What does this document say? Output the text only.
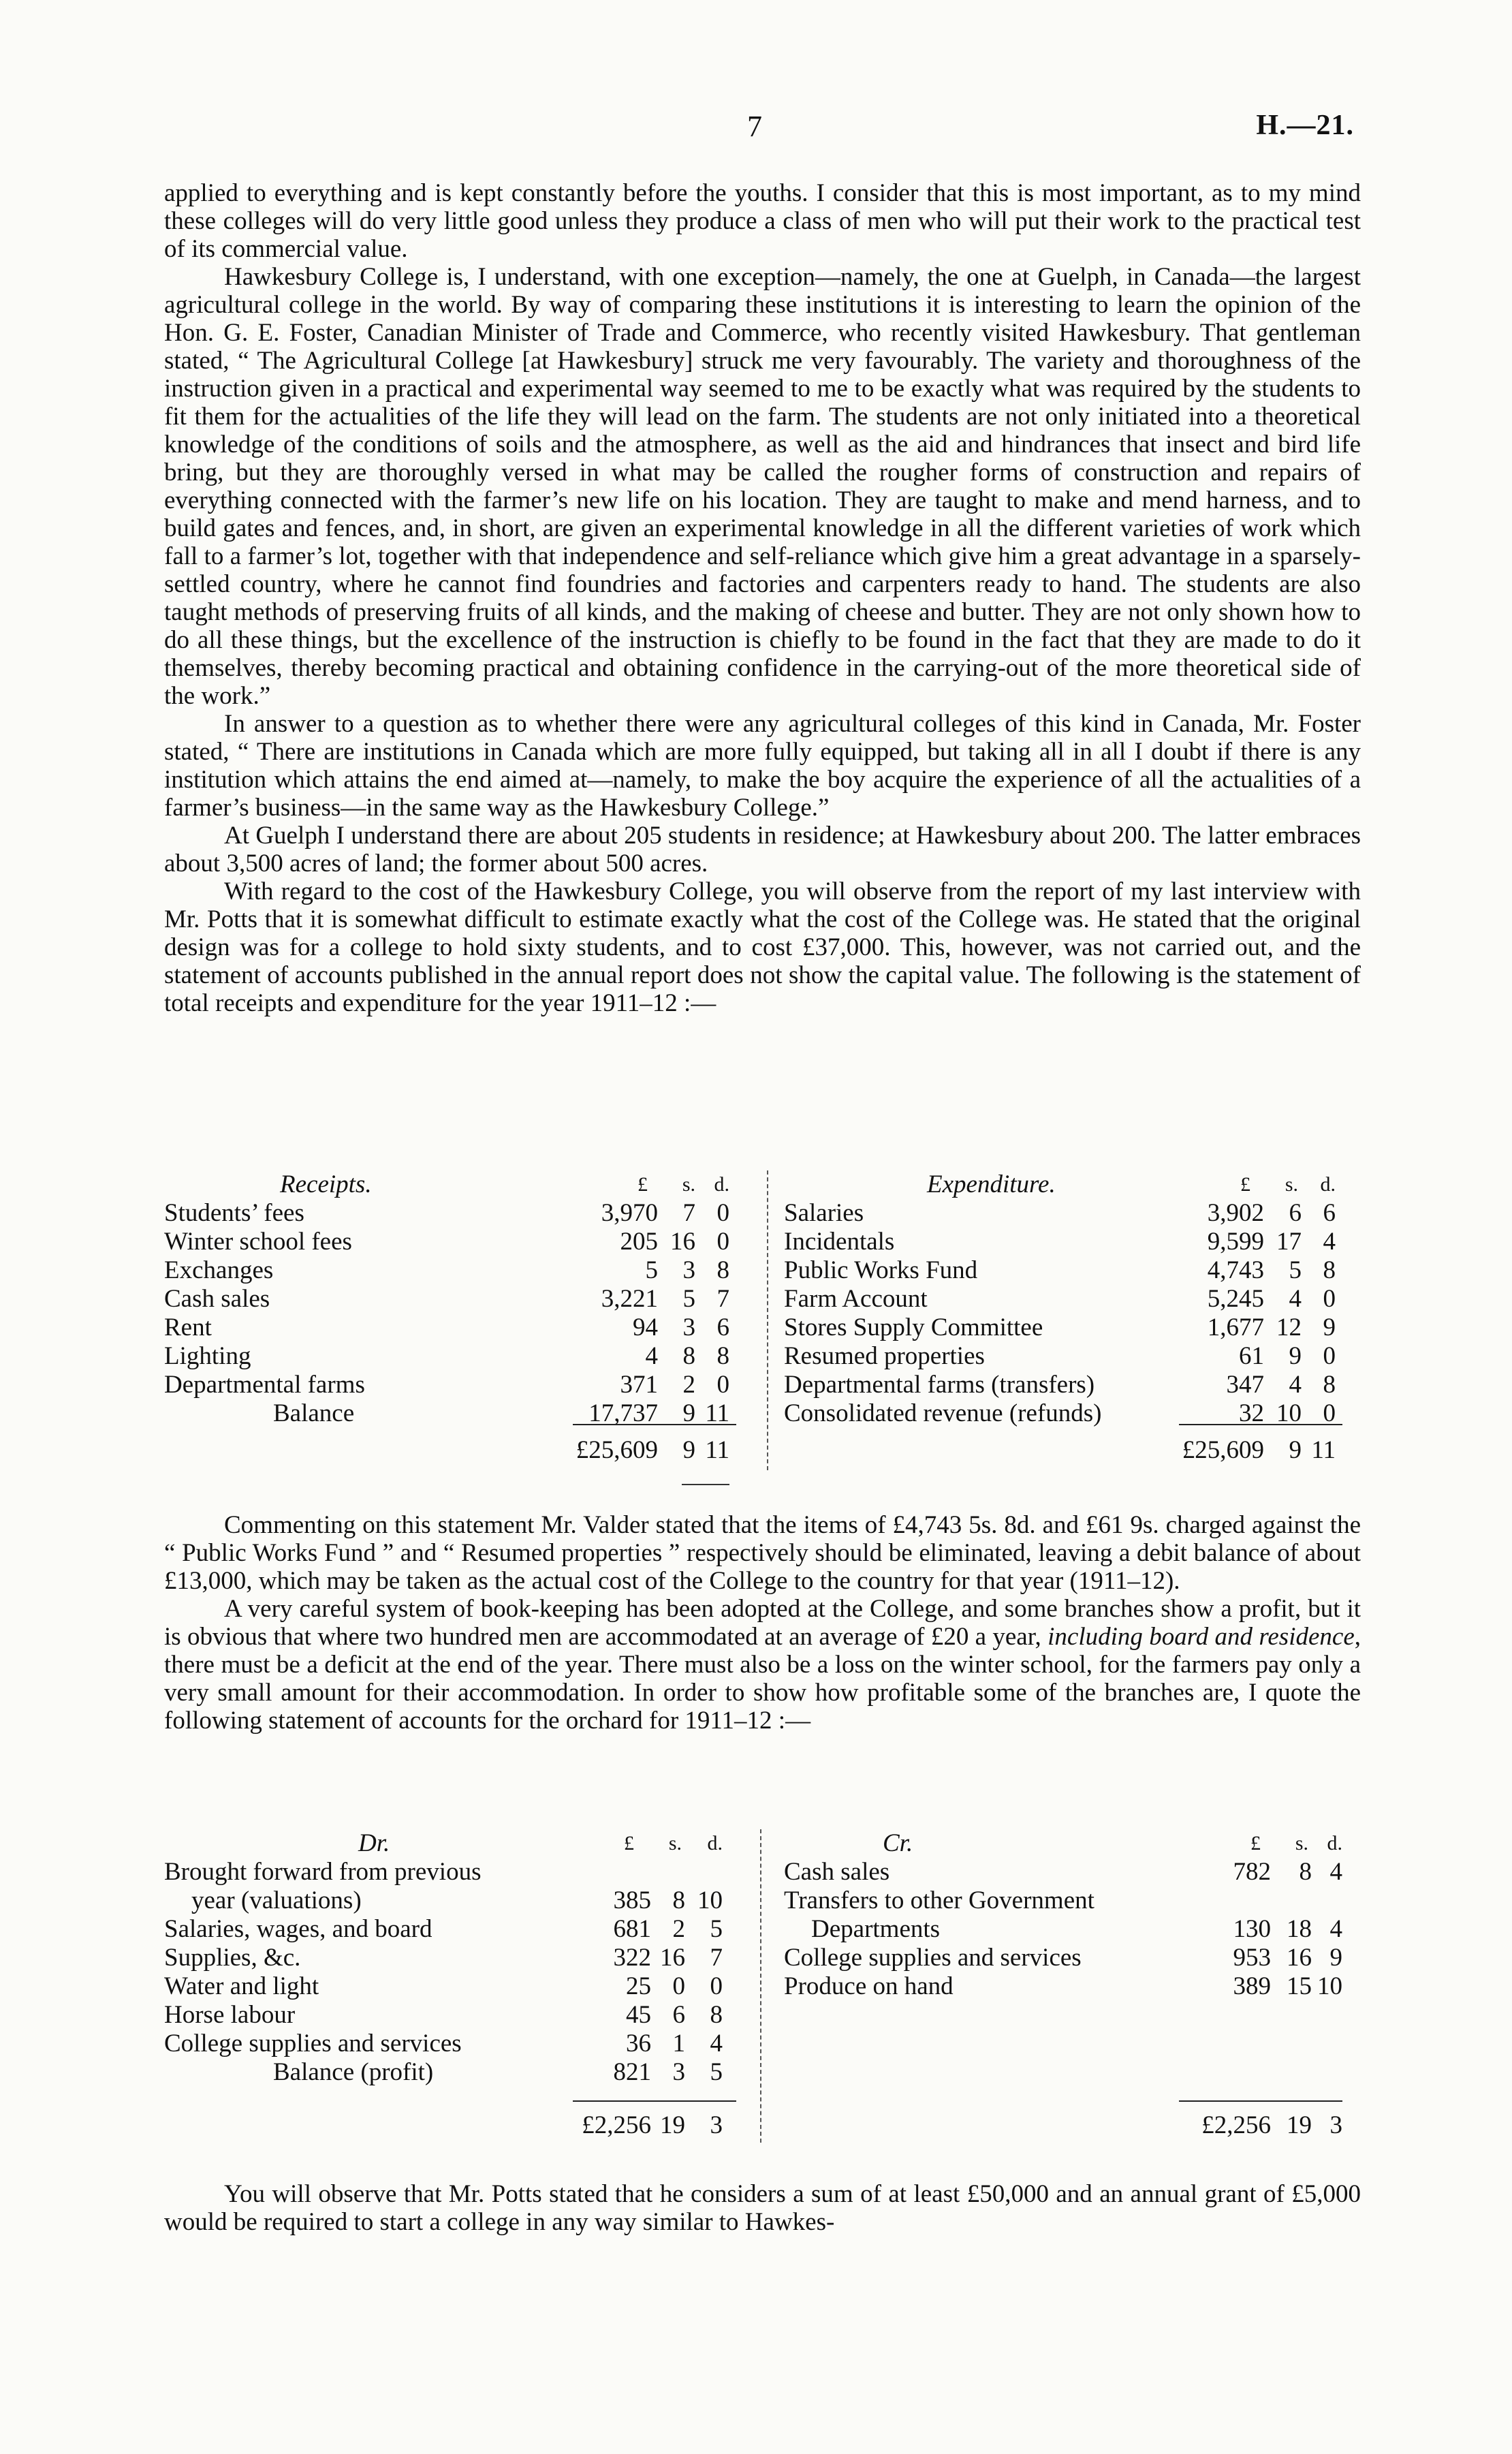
7	H.—21.

applied to everything and is kept constantly before the youths. I consider that this is most important, as to my mind these colleges will do very little good unless they produce a class of men who will put their work to the practical test of its commercial value.

Hawkesbury College is, I understand, with one exception—namely, the one at Guelph, in Canada—the largest agricultural college in the world. By way of comparing these institutions it is interesting to learn the opinion of the Hon. G. E. Foster, Canadian Minister of Trade and Commerce, who recently visited Hawkesbury. That gentleman stated, “ The Agricultural College [at Hawkesbury] struck me very favourably. The variety and thoroughness of the instruction given in a practical and experimental way seemed to me to be exactly what was required by the students to fit them for the actualities of the life they will lead on the farm. The students are not only initiated into a theoretical knowledge of the conditions of soils and the atmosphere, as well as the aid and hindrances that insect and bird life bring, but they are thoroughly versed in what may be called the rougher forms of construction and repairs of everything connected with the farmer’s new life on his location. They are taught to make and mend harness, and to build gates and fences, and, in short, are given an experimental knowledge in all the different varieties of work which fall to a farmer’s lot, together with that independence and self-reliance which give him a great advantage in a sparsely-settled country, where he cannot find foundries and factories and carpenters ready to hand. The students are also taught methods of preserving fruits of all kinds, and the making of cheese and butter. They are not only shown how to do all these things, but the excellence of the instruction is chiefly to be found in the fact that they are made to do it themselves, thereby becoming practical and obtaining confidence in the carrying-out of the more theoretical side of the work.”

In answer to a question as to whether there were any agricultural colleges of this kind in Canada, Mr. Foster stated, “ There are institutions in Canada which are more fully equipped, but taking all in all I doubt if there is any institution which attains the end aimed at—namely, to make the boy acquire the experience of all the actualities of a farmer’s business—in the same way as the Hawkesbury College.”

At Guelph I understand there are about 205 students in residence; at Hawkesbury about 200. The latter embraces about 3,500 acres of land; the former about 500 acres.

With regard to the cost of the Hawkesbury College, you will observe from the report of my last interview with Mr. Potts that it is somewhat difficult to estimate exactly what the cost of the College was. He stated that the original design was for a college to hold sixty students, and to cost £37,000. This, however, was not carried out, and the statement of accounts published in the annual report does not show the capital value. The following is the statement of total receipts and expenditure for the year 1911–12 :—

Receipts.	£	s. d.
Students’ fees	3,970 7 0
Winter school fees	205 16 0
Exchanges	5 3 8
Cash sales	3,221 5 7
Rent	94 3 6
Lighting	4 8 8
Departmental farms	371 2 0
Balance	17,737 9 11
£25,609 9 11
Expenditure.	£	s.	d.
Salaries	3,902 6 6
Incidentals	9,599 17 4
Public Works Fund	4,743 5 8
Farm Account	5,245 4 0
Stores Supply Committee	1,677 12 9
Resumed properties	61 9 0
Departmental farms (transfers)	347 4 8
Consolidated revenue (refunds)	32 10 0
£25,609 9 11

Commenting on this statement Mr. Valder stated that the items of £4,743 5s. 8d. and £61 9s. charged against the “ Public Works Fund ” and “ Resumed properties ” respectively should be eliminated, leaving a debit balance of about £13,000, which may be taken as the actual cost of the College to the country for that year (1911–12).

A very careful system of book-keeping has been adopted at the College, and some branches show a profit, but it is obvious that where two hundred men are accommodated at an average of £20 a year, including board and residence, there must be a deficit at the end of the year. There must also be a loss on the winter school, for the farmers pay only a very small amount for their accommodation. In order to show how profitable some of the branches are, I quote the following statement of accounts for the orchard for 1911–12 :—

Dr.	£	s.	d.
Brought forward from previous
year (valuations)	385 8 10
Salaries, wages, and board	681 2 5
Supplies, &c.	322 16 7
Water and light	25 0 0
Horse labour	45 6 8
College supplies and services	36 1 4
Balance (profit)	821 3 5
£2,256 19 3
Cr.	£	s. d.
Cash sales	782	8 4
Transfers to other Government
Departments	130 18 4
College supplies and services	953 16 9
Produce on hand	389 15 10
£2,256 19 3

You will observe that Mr. Potts stated that he considers a sum of at least £50,000 and an annual grant of £5,000 would be required to start a college in any way similar to Hawkes-
